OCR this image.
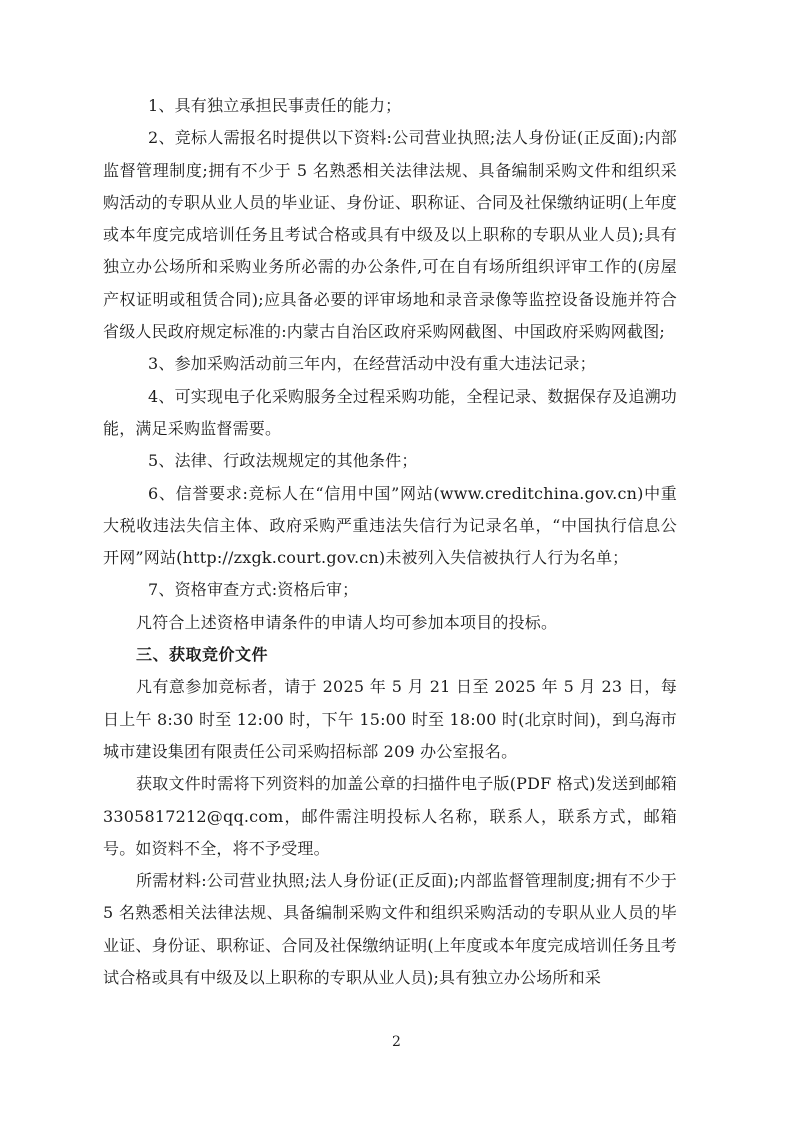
1、具有独立承担民事责任的能力；

2、竞标人需报名时提供以下资料:公司营业执照;法人身份证(正反面);内部监督管理制度;拥有不少于 5 名熟悉相关法律法规、具备编制采购文件和组织采购活动的专职从业人员的毕业证、身份证、职称证、合同及社保缴纳证明(上年度或本年度完成培训任务且考试合格或具有中级及以上职称的专职从业人员);具有独立办公场所和采购业务所必需的办公条件,可在自有场所组织评审工作的(房屋产权证明或租赁合同);应具备必要的评审场地和录音录像等监控设备设施并符合省级人民政府规定标准的:内蒙古自治区政府采购网截图、中国政府采购网截图;

3、参加采购活动前三年内，在经营活动中没有重大违法记录；

4、可实现电子化采购服务全过程采购功能，全程记录、数据保存及追溯功能，满足采购监督需要。

5、法律、行政法规规定的其他条件；

6、信誉要求:竞标人在“信用中国”网站(www.creditchina.gov.cn)中重大税收违法失信主体、政府采购严重违法失信行为记录名单，“中国执行信息公开网”网站(http://zxgk.court.gov.cn)未被列入失信被执行人行为名单；

7、资格审查方式:资格后审；

凡符合上述资格申请条件的申请人均可参加本项目的投标。

三、获取竞价文件

凡有意参加竞标者，请于 2025 年 5 月 21 日至 2025 年 5 月 23 日，每日上午 8:30 时至 12:00 时，下午 15:00 时至 18:00 时(北京时间)，到乌海市城市建设集团有限责任公司采购招标部 209 办公室报名。

获取文件时需将下列资料的加盖公章的扫描件电子版(PDF 格式)发送到邮箱 3305817212@qq.com，邮件需注明投标人名称，联系人，联系方式，邮箱号。如资料不全，将不予受理。

所需材料:公司营业执照;法人身份证(正反面);内部监督管理制度;拥有不少于 5 名熟悉相关法律法规、具备编制采购文件和组织采购活动的专职从业人员的毕业证、身份证、职称证、合同及社保缴纳证明(上年度或本年度完成培训任务且考试合格或具有中级及以上职称的专职从业人员);具有独立办公场所和采

2
